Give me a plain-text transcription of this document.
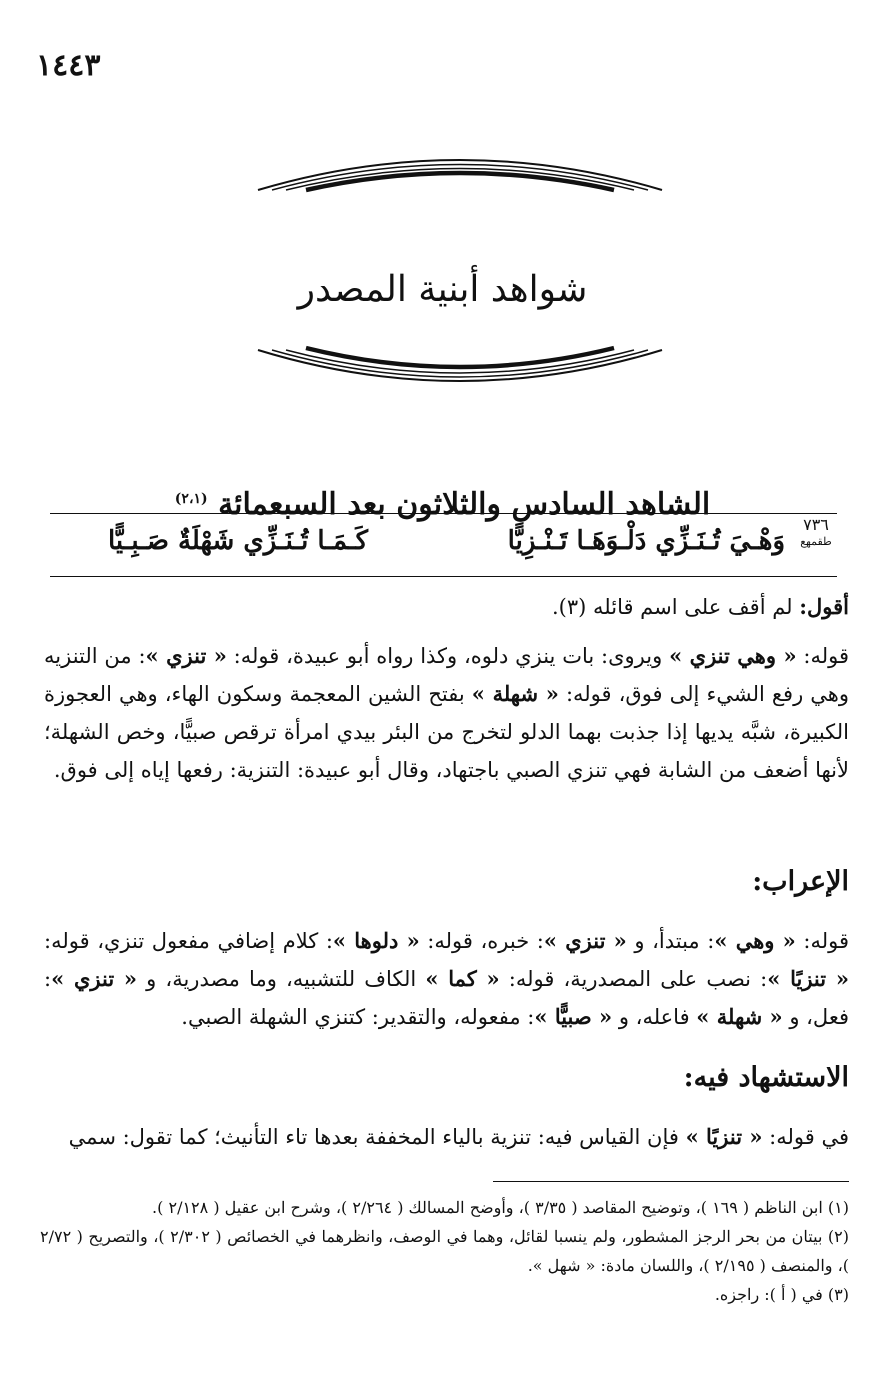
١٤٤٣
شواهد أبنية المصدر
الشاهد السادس والثلاثون بعد السبعمائة $^{(٢،١)}$
٧٣٦
طقمهع
وَهْـيَ تُـنَـزِّي دَلْـوَهَـا تَـنْـزِيًّا
كَـمَـا تُـنَـزِّي شَهْلَةٌ صَـبِـيًّا

أقول: لم أقف على اسم قائله (٣).

قوله: « وهي تنزي » ويروى: بات ينزي دلوه، وكذا رواه أبو عبيدة، قوله: « تنزي »: من التنزيه وهي رفع الشيء إلى فوق، قوله: « شهلة » بفتح الشين المعجمة وسكون الهاء، وهي العجوزة الكبيرة، شبَّه يديها إذا جذبت بهما الدلو لتخرج من البئر بيدي امرأة ترقص صبيًّا، وخص الشهلة؛ لأنها أضعف من الشابة فهي تنزي الصبي باجتهاد، وقال أبو عبيدة: التنزية: رفعها إياه إلى فوق.

الإعراب:

قوله: « وهي »: مبتدأ، و « تنزي »: خبره، قوله: « دلوها »: كلام إضافي مفعول تنزي، قوله: « تنزيًا »: نصب على المصدرية، قوله: « كما » الكاف للتشبيه، وما مصدرية، و « تنزي »: فعل، و « شهلة » فاعله، و « صبيًّا »: مفعوله، والتقدير: كتنزي الشهلة الصبي.

الاستشهاد فيه:

في قوله: « تنزيًا » فإن القياس فيه: تنزية بالياء المخففة بعدها تاء التأنيث؛ كما تقول: سمي

(١) ابن الناظم ( ١٦٩ )، وتوضيح المقاصد ( ٣/٣٥ )، وأوضح المسالك ( ٢/٢٦٤ )، وشرح ابن عقيل ( ٢/١٢٨ ).

(٢) بيتان من بحر الرجز المشطور، ولم ينسبا لقائل، وهما في الوصف، وانظرهما في الخصائص ( ٢/٣٠٢ )، والتصريح ( ٢/٧٢ )، والمنصف ( ٢/١٩٥ )، واللسان مادة: « شهل ».

(٣) في ( أ ): راجزه.
